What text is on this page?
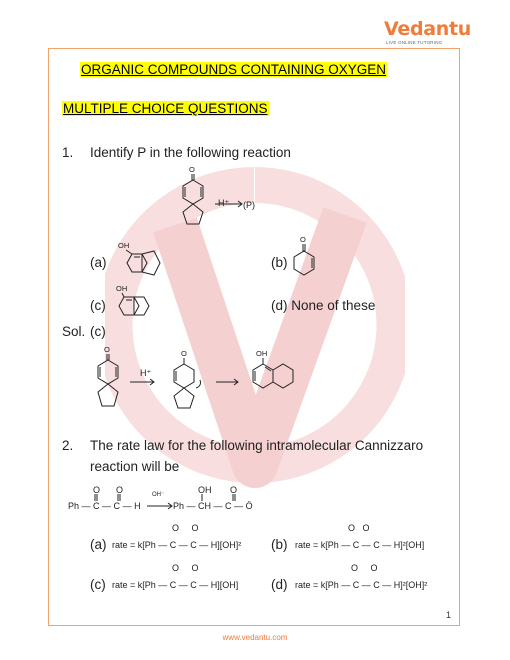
Vedantu
LIVE ONLINE TUTORING
ORGANIC COMPOUNDS CONTAINING OXYGEN
MULTIPLE CHOICE QUESTIONS
1. Identify P in the following reaction
O
H⁺ (P)
(a)
OH
(b)
O
(c)
OH
(d) None of these
Sol. (c)
O	O	OH
H⁺
2. The rate law for the following intramolecular Cannizzaro
reaction will be
O O	OH O
Ph — C — C — H
OH⁻
Ph — CH — C — Ö
O O
(a) rate = k[Ph — C — C — H][OH]²
O O
(b) rate = k[Ph — C — C — H]²[OH]
O O
(c) rate = k[Ph — C — C — H][OH]
O O
(d) rate = k[Ph — C — C — H]²[OH]²
1
www.vedantu.com
